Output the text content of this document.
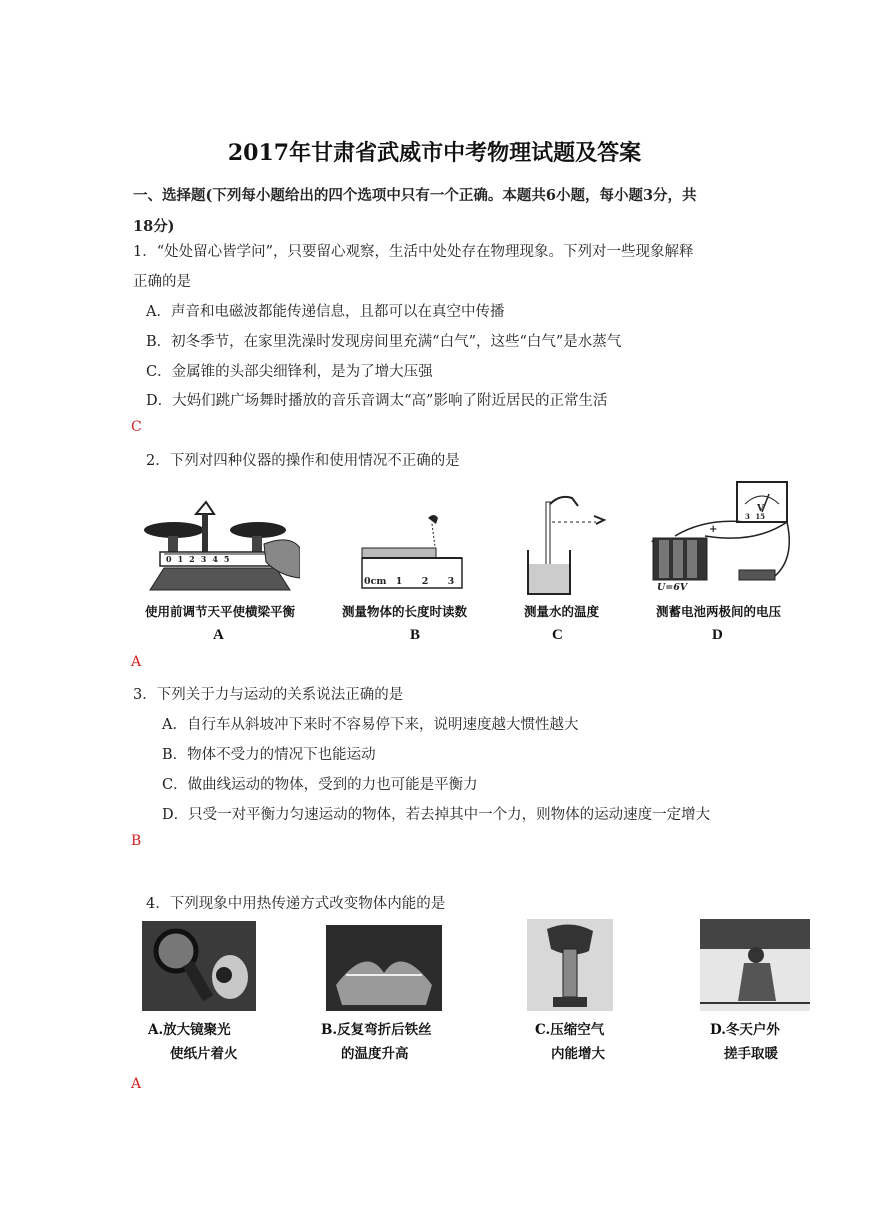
2017年甘肃省武威市中考物理试题及答案
一、选择题(下列每小题给出的四个选项中只有一个正确。本题共6小题，每小题3分，共
18分)
1．“处处留心皆学问”，只要留心观察，生活中处处存在物理现象。下列对一些现象解释
正确的是
A．声音和电磁波都能传递信息，且都可以在真空中传播
B．初冬季节，在家里洗澡时发现房间里充满“白气”，这些“白气”是水蒸气
C．金属锥的头部尖细锋利，是为了增大压强
D．大妈们跳广场舞时播放的音乐音调太“高”影响了附近居民的正常生活
C
2．下列对四种仪器的操作和使用情况不正确的是
012345
使用前调节天平使横梁平衡
A
0cm 1 2 3
测量物体的长度时读数
B
测量水的温度
C
V
3 15
-
+
U=6V
测蓄电池两极间的电压
D
A
3．下列关于力与运动的关系说法正确的是
A．自行车从斜坡冲下来时不容易停下来，说明速度越大惯性越大
B．物体不受力的情况下也能运动
C．做曲线运动的物体，受到的力也可能是平衡力
D．只受一对平衡力匀速运动的物体，若去掉其中一个力，则物体的运动速度一定增大
B
4．下列现象中用热传递方式改变物体内能的是
A.放大镜聚光
使纸片着火
B.反复弯折后铁丝
的温度升高
C.压缩空气
内能增大
D.冬天户外
搓手取暖
A
